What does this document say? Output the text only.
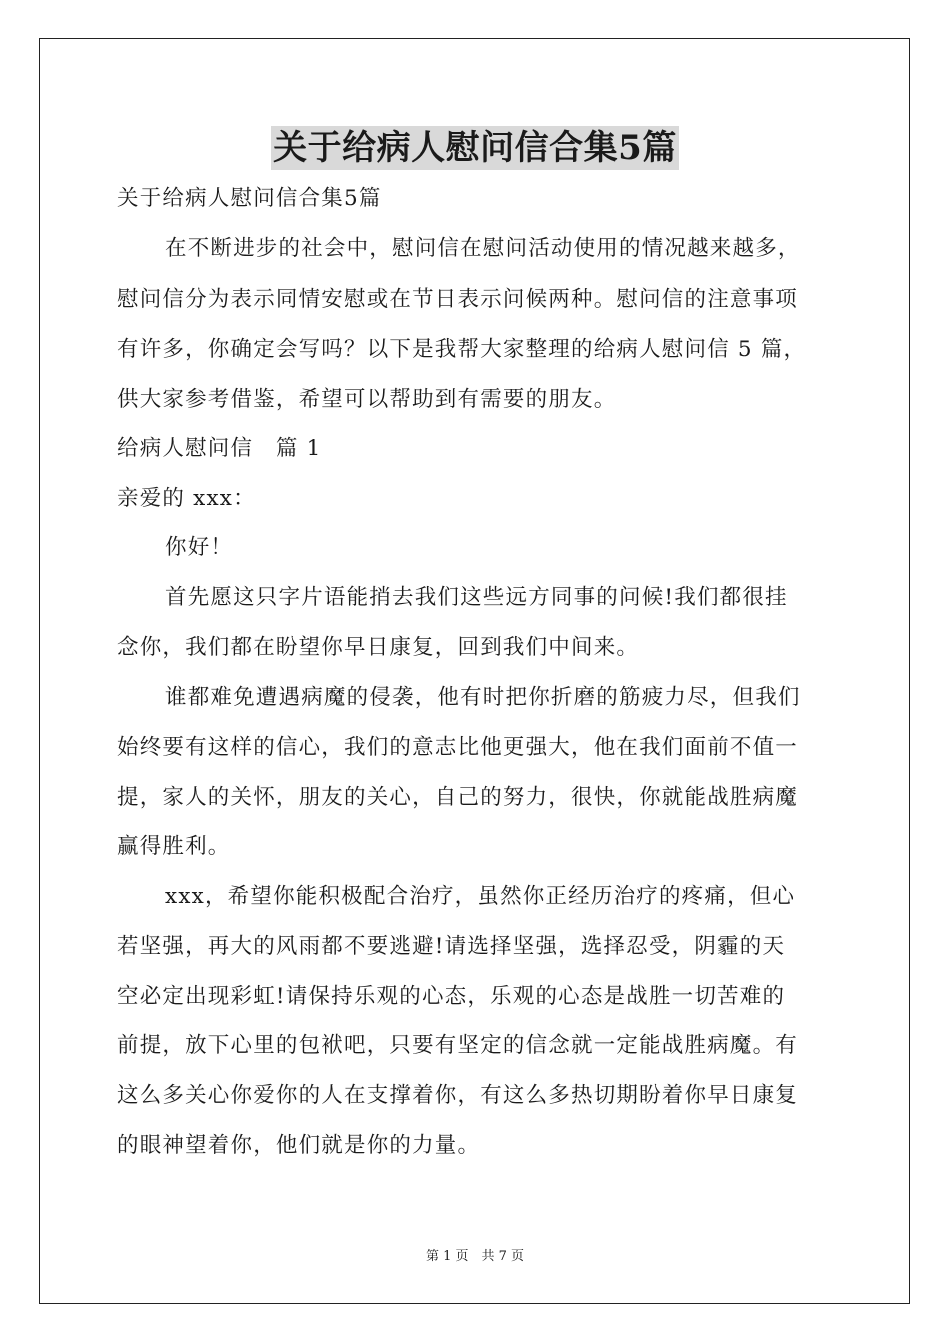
关于给病人慰问信合集5篇
关于给病人慰问信合集5篇
在不断进步的社会中，慰问信在慰问活动使用的情况越来越多，
慰问信分为表示同情安慰或在节日表示问候两种。慰问信的注意事项
有许多，你确定会写吗？以下是我帮大家整理的给病人慰问信 5 篇，
供大家参考借鉴，希望可以帮助到有需要的朋友。
给病人慰问信　篇 1
亲爱的 xxx：
你好！
首先愿这只字片语能捎去我们这些远方同事的问候!我们都很挂
念你，我们都在盼望你早日康复，回到我们中间来。
谁都难免遭遇病魔的侵袭，他有时把你折磨的筋疲力尽，但我们
始终要有这样的信心，我们的意志比他更强大，他在我们面前不值一
提，家人的关怀，朋友的关心，自己的努力，很快，你就能战胜病魔
赢得胜利。
xxx，希望你能积极配合治疗，虽然你正经历治疗的疼痛，但心
若坚强，再大的风雨都不要逃避!请选择坚强，选择忍受，阴霾的天
空必定出现彩虹!请保持乐观的心态，乐观的心态是战胜一切苦难的
前提，放下心里的包袱吧，只要有坚定的信念就一定能战胜病魔。有
这么多关心你爱你的人在支撑着你，有这么多热切期盼着你早日康复
的眼神望着你，他们就是你的力量。
第 1 页　共 7 页
